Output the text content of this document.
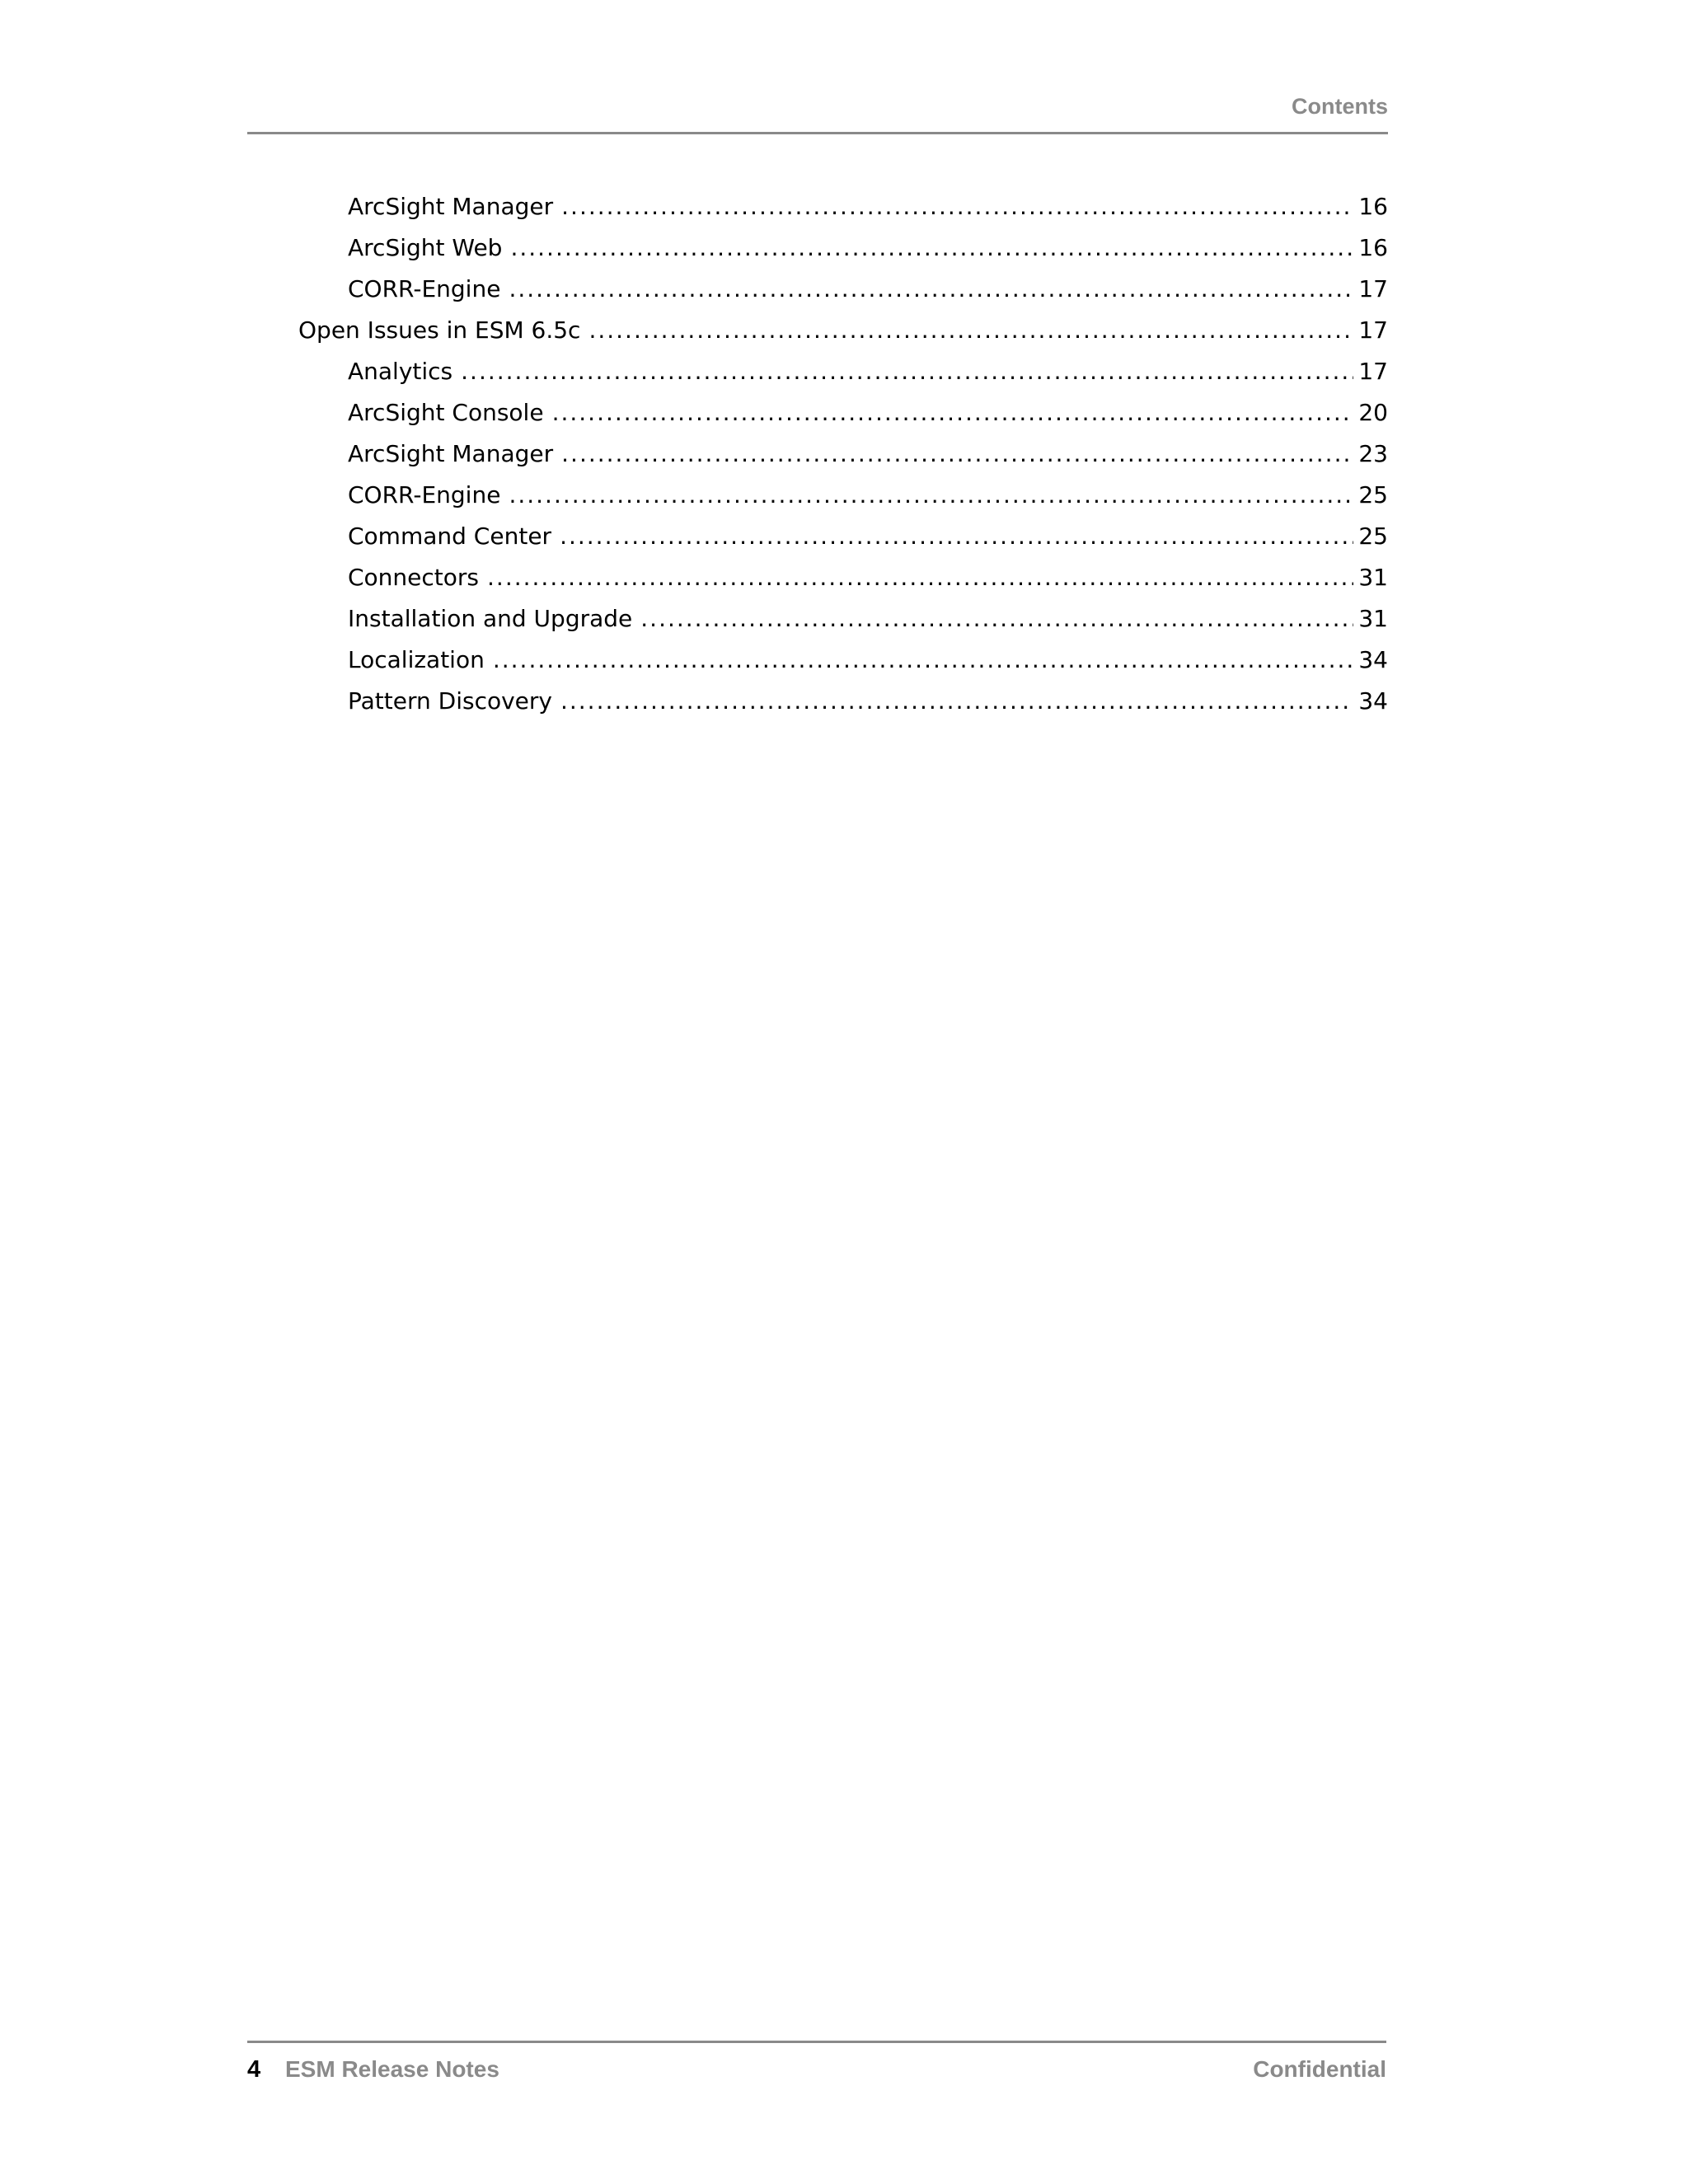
Contents
ArcSight Manager .....	16
ArcSight Web .....	16
CORR-Engine .....	17
Open Issues in ESM 6.5c .....	17
Analytics .....	17
ArcSight Console .....	20
ArcSight Manager .....	23
CORR-Engine .....	25
Command Center .....	25
Connectors .....	31
Installation and Upgrade .....	31
Localization .....	34
Pattern Discovery .....	34
4 ESM Release Notes	Confidential
